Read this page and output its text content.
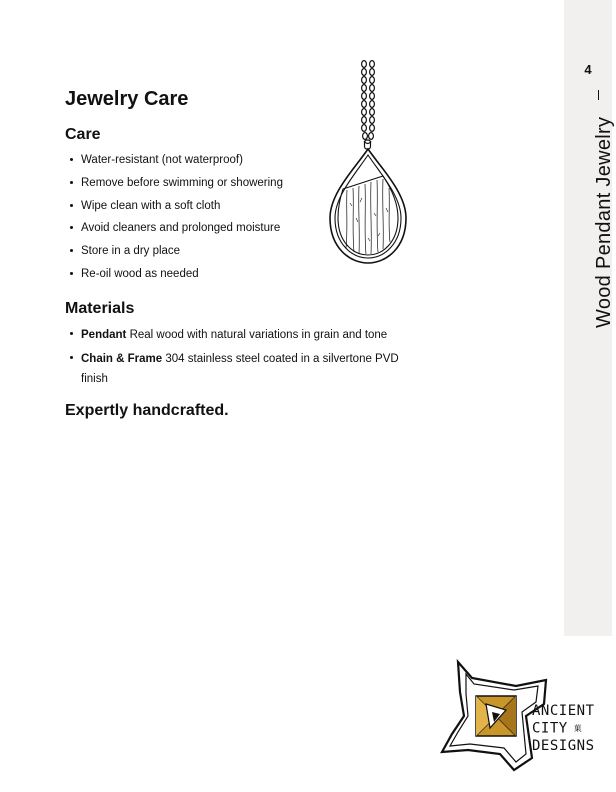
4
Wood Pendant Jewelry
Jewelry Care
Care
Water-resistant (not waterproof)
Remove before swimming or showering
Wipe clean with a soft cloth
Avoid cleaners and prolonged moisture
Store in a dry place
Re-oil wood as needed
Materials
Pendant Real wood with natural variations in grain and tone
Chain & Frame 304 stainless steel coated in a silvertone PVD finish

Expertly handcrafted.

ANCIENT
CITY 菓
DESIGNS
